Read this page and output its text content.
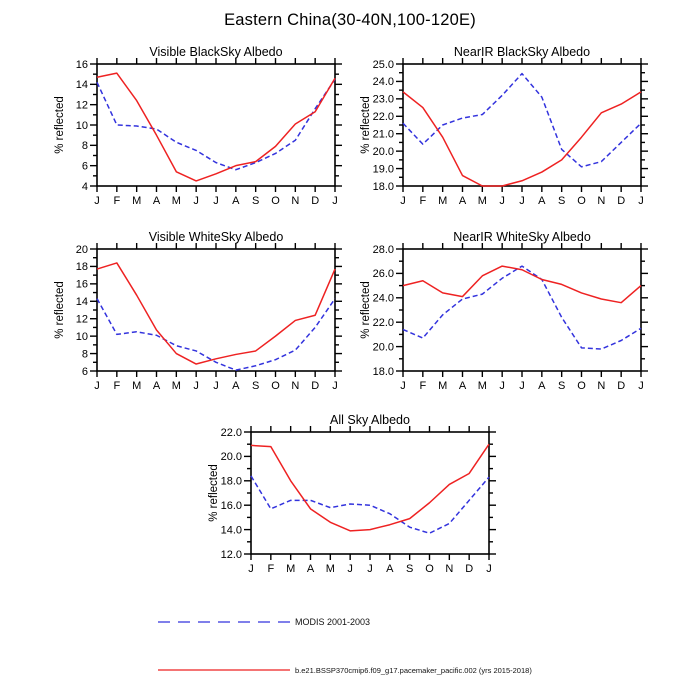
Eastern China(30-40N,100-120E)
Visible BlackSky Albedo
% reflected
4
6
8
10
12
14
16
J F M A M J J A S O N D J
NearIR BlackSky Albedo
% reflected
18.0
19.0
20.0
21.0
22.0
23.0
24.0
25.0
J F M A M J J A S O N D J
Visible WhiteSky Albedo
% reflected
6
8
10
12
14
16
18
20
J F M A M J J A S O N D J
NearIR WhiteSky Albedo
% reflected
18.0
20.0
22.0
24.0
26.0
28.0
J F M A M J J A S O N D J
All Sky Albedo
% reflected
12.0
14.0
16.0
18.0
20.0
22.0
J F M A M J J A S O N D J
MODIS 2001-2003
b.e21.BSSP370cmip6.f09_g17.pacemaker_pacific.002 (yrs 2015-2018)
